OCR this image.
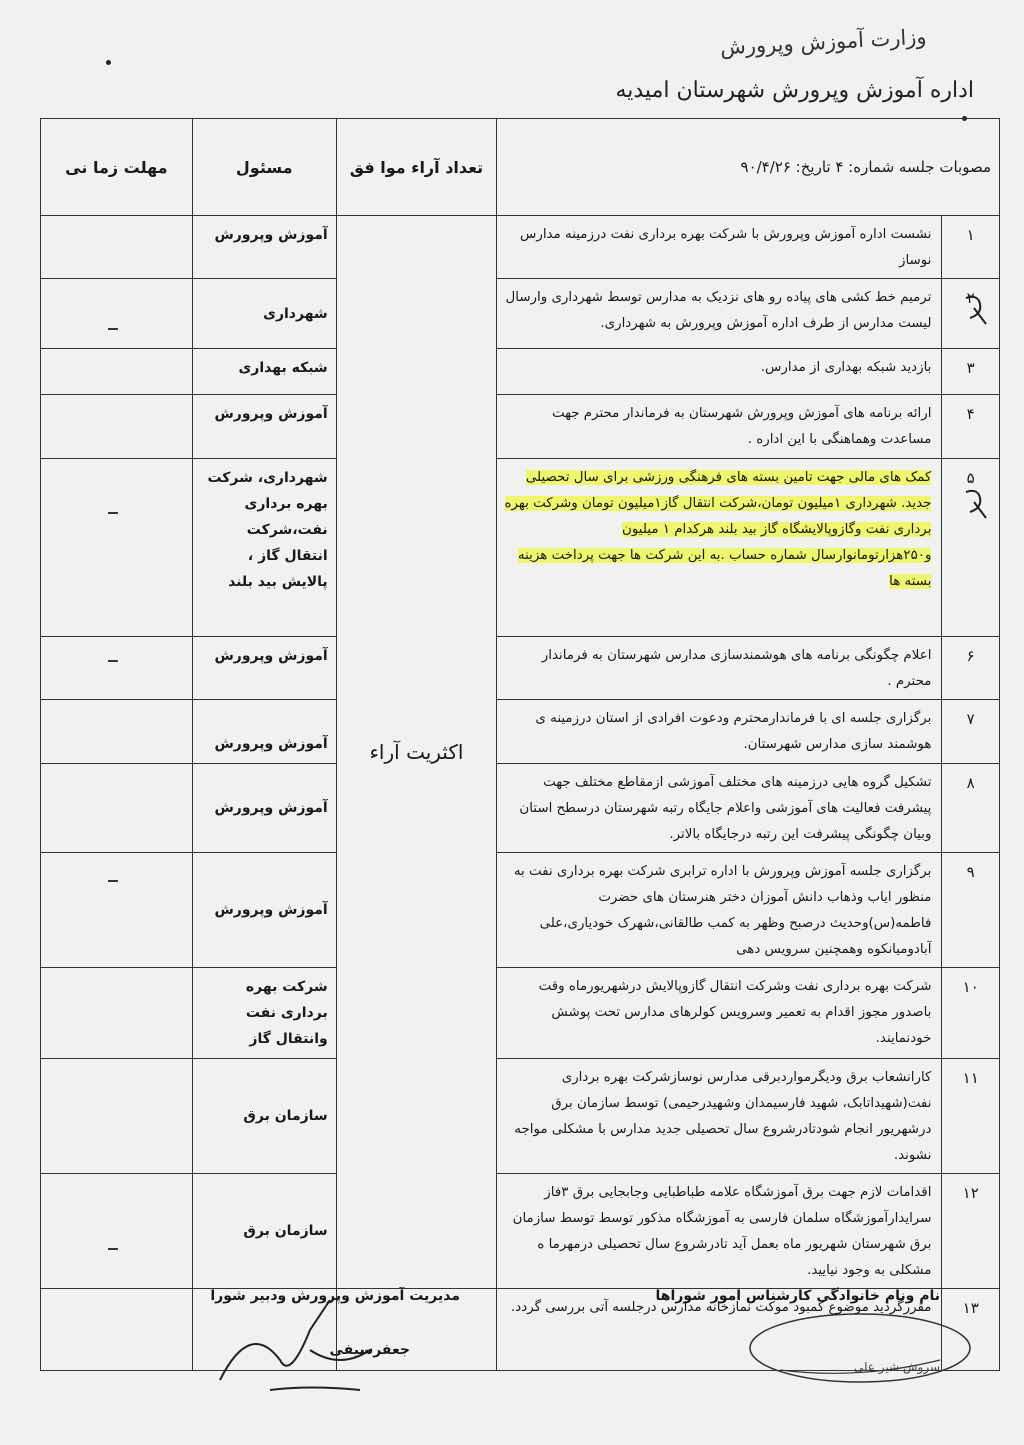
وزارت آموزش وپرورش
اداره آموزش وپرورش شهرستان امیدیه
مصوبات جلسه شماره: ۴ تاریخ: ۹۰/۴/۲۶		تعداد آراء موا فق	مسئول	مهلت زما نی
۱	نشست اداره آموزش وپرورش با شرکت بهره برداری نفت درزمینه مدارس نوساز	اکثریت آراء	آموزش وپرورش	
۲	ترمیم خط کشی های پیاده رو های نزدیک به مدارس توسط شهرداری وارسال لیست مدارس از طرف اداره آموزش وپرورش به شهرداری.		شهرداری	
۳	بازدید شبکه بهداری از مدارس.		شبکه بهداری	
۴	ارائه برنامه های آموزش وپرورش شهرستان به فرماندار محترم جهت مساعدت وهماهنگی با این اداره .		آموزش وپرورش	
۵	کمک های مالی جهت تامین بسته های فرهنگی ورزشی برای سال تحصیلی جدید. شهرداری ۱میلیون تومان،شرکت انتقال گاز۱میلیون تومان وشرکت بهره برداری نفت وگازوپالایشگاه گاز بید بلند هرکدام ۱ میلیون و۲۵۰هزارتومانوارسال شماره حساب .به این شرکت ها جهت پرداخت هزینه بسته ها		شهرداری، شرکت بهره برداری نفت،شرکت انتقال گاز ، پالایش بید بلند	
۶	اعلام چگونگی برنامه های هوشمندسازی مدارس شهرستان به فرماندار محترم .		آموزش وپرورش	
۷	برگزاری جلسه ای با فرماندارمحترم ودعوت افرادی از استان درزمینه ی هوشمند سازی مدارس شهرستان.		آموزش وپرورش	
۸	تشکیل گروه هایی درزمینه های مختلف آموزشی ازمقاطع مختلف جهت پیشرفت فعالیت های آموزشی واعلام جایگاه رتبه شهرستان درسطح استان وبیان چگونگی پیشرفت این رتبه درجایگاه بالاتر.		آموزش وپرورش	
۹	برگزاری جلسه آموزش وپرورش با اداره ترابری شرکت بهره برداری نفت به منظور ایاب وذهاب دانش آموزان دختر هنرستان های حضرت فاطمه(س)وحدیث درصبح وظهر به کمب طالقانی،شهرک خودیاری،علی آبادومیانکوه وهمچنین سرویس دهی		آموزش وپرورش	
۱۰	شرکت بهره برداری نفت وشرکت انتقال گازوپالایش درشهریورماه وقت باصدور مجوز اقدام به تعمیر وسرویس کولرهای مدارس تحت پوشش خودنمایند.		شرکت بهره برداری نفت وانتقال گاز	
۱۱	کارانشعاب برق ودیگرمواردبرقی مدارس نوسازشرکت بهره برداری نفت(شهیداتابک، شهید فارسیمدان وشهیدرحیمی) توسط سازمان برق درشهریور انجام شودتادرشروع سال تحصیلی جدید مدارس با مشکلی مواجه نشوند.		سازمان برق	
۱۲	اقدامات لازم جهت برق آموزشگاه علامه طباطبایی وجابجایی برق ۳فاز سرایدارآموزشگاه سلمان فارسی به آموزشگاه مذکور توسط توسط سازمان برق شهرستان شهریور ماه بعمل آید تادرشروع سال تحصیلی درمهرما ه مشکلی به وجود نیایید.		سازمان برق	
۱۳	مقررگردید موضوع کمبود موکت نمازخانه مدارس درجلسه آتی بررسی گردد.			
نام ونام خانوادگی کارشناس امور شوراها
سروش شیر علی
مدیریت آموزش وپرورش ودبیر شورا
جعفرسیفی
